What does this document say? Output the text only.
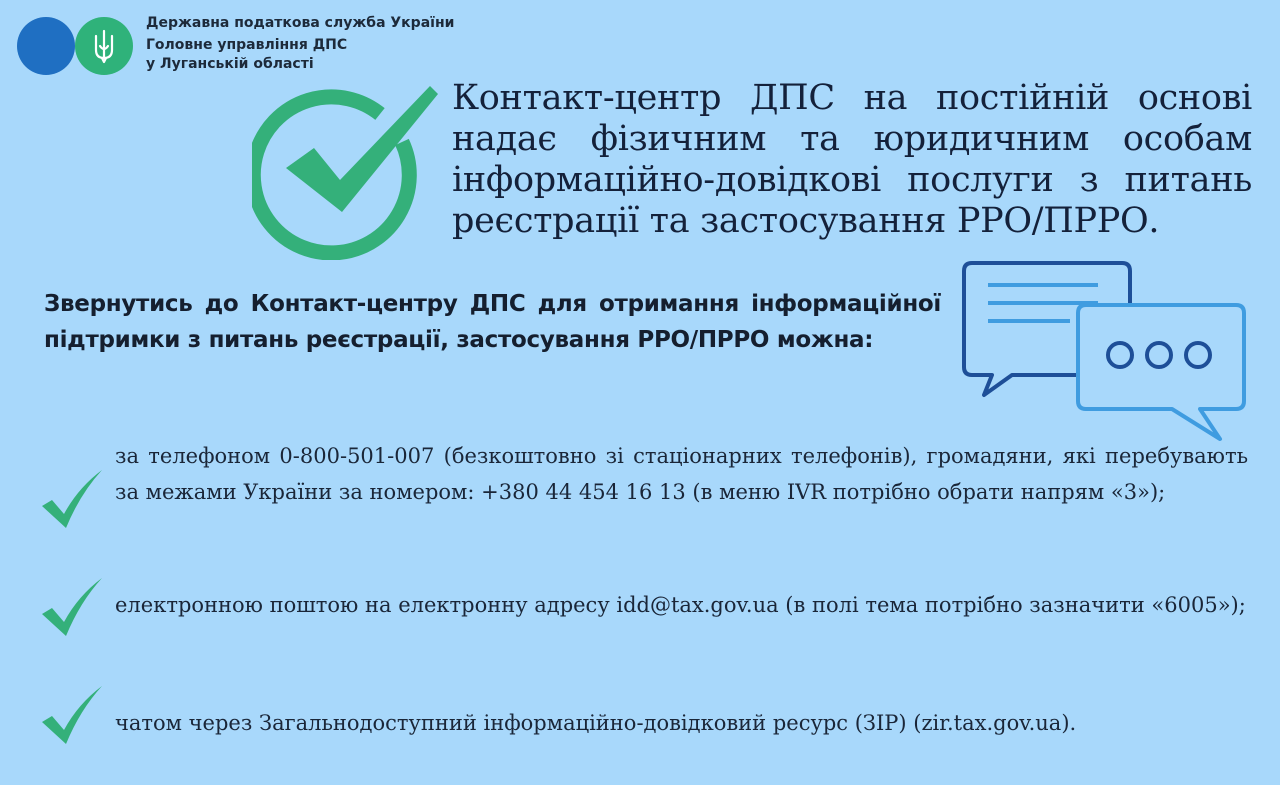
Державна податкова служба України
Головне управління ДПС
у Луганській області
Контакт-центр ДПС на постійній основі надає фізичним та юридичним особам інформаційно-довідкові послуги з питань реєстрації та застосування РРО/ПРРО.
Звернутись до Контакт-центру ДПС для отримання інформаційної підтримки з питань реєстрації, застосування РРО/ПРРО можна:
за телефоном 0-800-501-007 (безкоштовно зі стаціонарних телефонів), громадяни, які перебувають за межами України за номером: +380 44 454 16 13 (в меню IVR потрібно обрати напрям «3»);
електронною поштою на електронну адресу idd@tax.gov.ua (в полі тема потрібно зазначити «6005»);
чатом через Загальнодоступний інформаційно-довідковий ресурс (ЗІР) (zir.tax.gov.ua).
